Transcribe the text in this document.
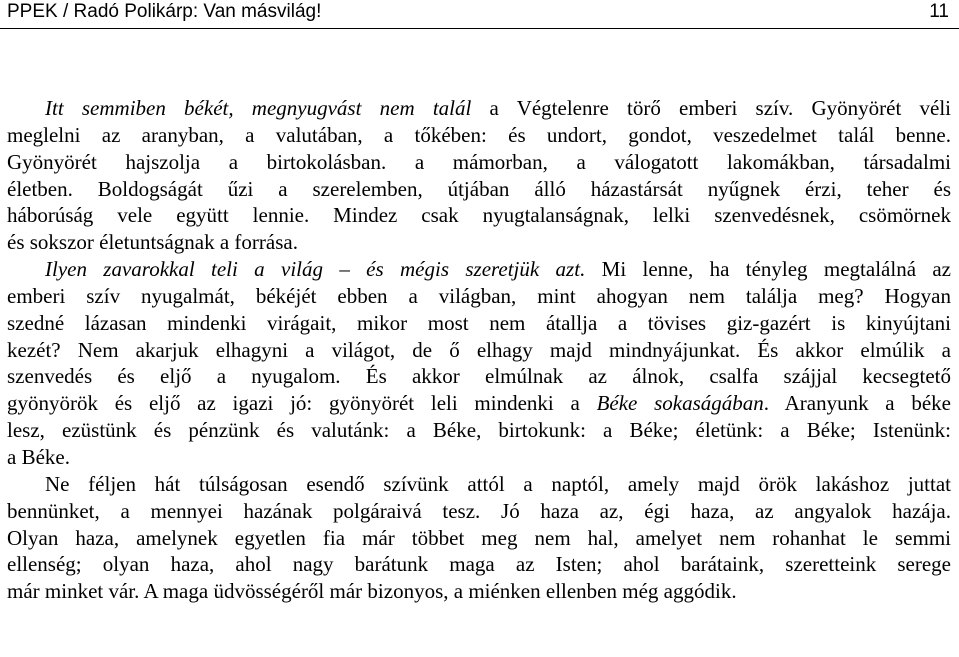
PPEK / Radó Polikárp: Van másvilág!	11
Itt semmiben békét, megnyugvást nem talál a Végtelenre törő emberi szív. Gyönyörét véli
meglelni az aranyban, a valutában, a tőkében: és undort, gondot, veszedelmet talál benne.
Gyönyörét hajszolja a birtokolásban. a mámorban, a válogatott lakomákban, társadalmi
életben. Boldogságát űzi a szerelemben, útjában álló házastársát nyűgnek érzi, teher és
háborúság vele együtt lennie. Mindez csak nyugtalanságnak, lelki szenvedésnek, csömörnek
és sokszor életuntságnak a forrása.
Ilyen zavarokkal teli a világ – és mégis szeretjük azt. Mi lenne, ha tényleg megtalálná az
emberi szív nyugalmát, békéjét ebben a világban, mint ahogyan nem találja meg? Hogyan
szedné lázasan mindenki virágait, mikor most nem átallja a tövises giz-gazért is kinyújtani
kezét? Nem akarjuk elhagyni a világot, de ő elhagy majd mindnyájunkat. És akkor elmúlik a
szenvedés és eljő a nyugalom. És akkor elmúlnak az álnok, csalfa szájjal kecsegtető
gyönyörök és eljő az igazi jó: gyönyörét leli mindenki a Béke sokaságában. Aranyunk a béke
lesz, ezüstünk és pénzünk és valutánk: a Béke, birtokunk: a Béke; életünk: a Béke; Istenünk:
a Béke.
Ne féljen hát túlságosan esendő szívünk attól a naptól, amely majd örök lakáshoz juttat
bennünket, a mennyei hazának polgáraivá tesz. Jó haza az, égi haza, az angyalok hazája.
Olyan haza, amelynek egyetlen fia már többet meg nem hal, amelyet nem rohanhat le semmi
ellenség; olyan haza, ahol nagy barátunk maga az Isten; ahol barátaink, szeretteink serege
már minket vár. A maga üdvösségéről már bizonyos, a miénken ellenben még aggódik.
